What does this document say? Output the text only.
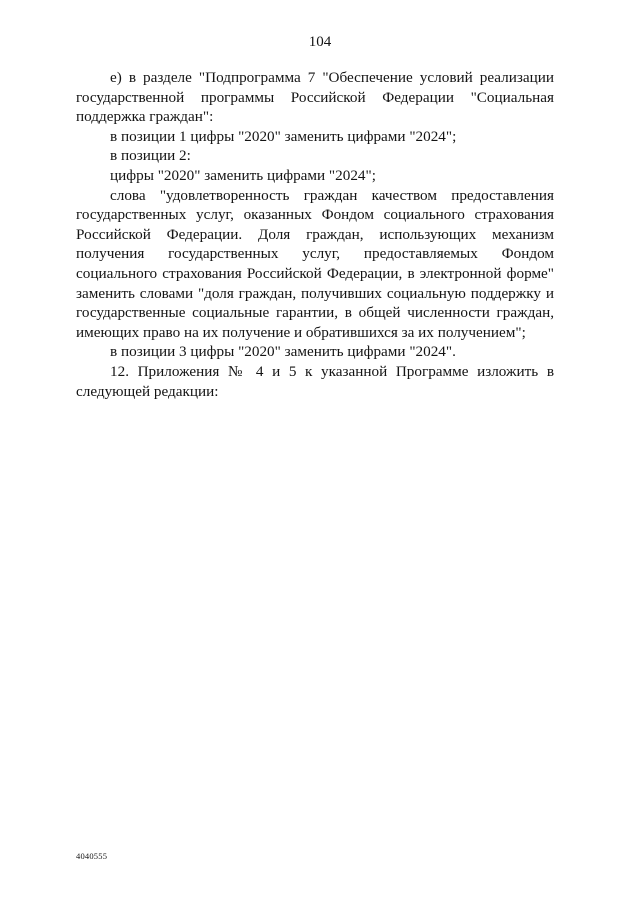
104

е) в разделе "Подпрограмма 7 "Обеспечение условий реализации государственной программы Российской Федерации "Социальная поддержка граждан":

в позиции 1 цифры "2020" заменить цифрами "2024";

в позиции 2:

цифры "2020" заменить цифрами "2024";

слова "удовлетворенность граждан качеством предоставления государственных услуг, оказанных Фондом социального страхования Российской Федерации. Доля граждан, использующих механизм получения государственных услуг, предоставляемых Фондом социального страхования Российской Федерации, в электронной форме" заменить словами "доля граждан, получивших социальную поддержку и государственные социальные гарантии, в общей численности граждан, имеющих право на их получение и обратившихся за их получением";

в позиции 3 цифры "2020" заменить цифрами "2024".

12. Приложения № 4 и 5 к указанной Программе изложить в следующей редакции:

4040555
